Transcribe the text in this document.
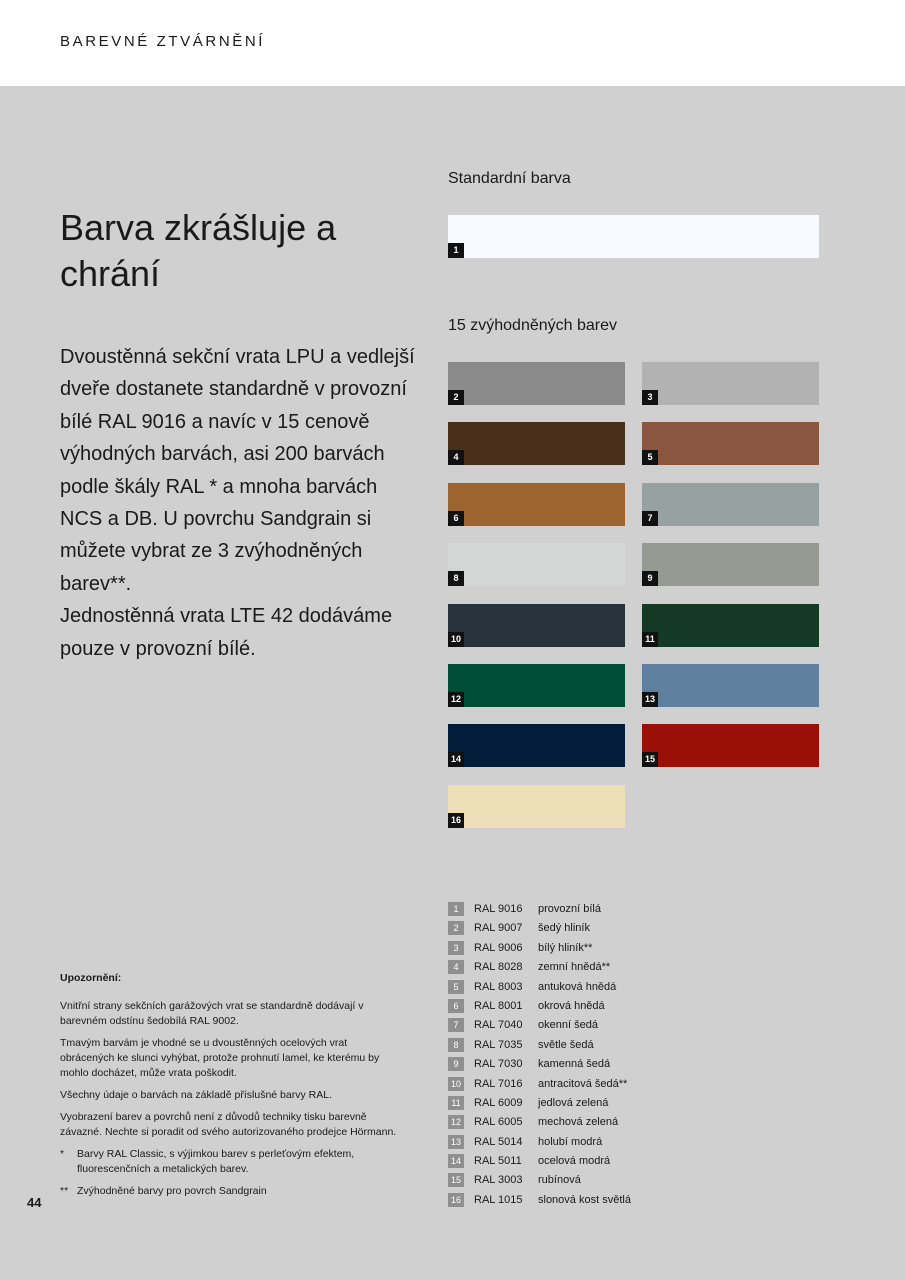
BAREVNÉ ZTVÁRNĚNÍ
Barva zkrášluje a chrání

Dvoustěnná sekční vrata LPU a vedlejší dveře dostanete standardně v provozní bílé RAL 9016 a navíc v 15 cenově výhodných barvách, asi 200 barvách podle škály RAL * a mnoha barvách NCS a DB. U povrchu Sandgrain si můžete vybrat ze 3 zvýhodněných barev**.

Jednostěnná vrata LTE 42 dodáváme pouze v provozní bílé.

Standardní barva
1
15 zvýhodněných barev
2	3
4	5
6	7
8	9
10	11
12	13
14	15
16
1	RAL 9016 provozní bílá
2	RAL 9007 šedý hliník
3	RAL 9006 bílý hliník**
4	RAL 8028 zemní hnědá**
5	RAL 8003 antuková hnědá
6	RAL 8001 okrová hnědá
7	RAL 7040 okenní šedá
8	RAL 7035 světle šedá
9	RAL 7030 kamenná šedá
10 RAL 7016 antracitová šedá**
11	RAL 6009 jedlová zelená
12 RAL 6005 mechová zelená
13 RAL 5014 holubí modrá
14 RAL 5011 ocelová modrá
15 RAL 3003 rubínová
16 RAL 1015 slonová kost světlá

Upozornění:

Vnitřní strany sekčních garážových vrat se standardně dodávají v barevném odstínu šedobílá RAL 9002.

Tmavým barvám je vhodné se u dvoustěnných ocelových vrat obrácených ke slunci vyhýbat, protože prohnutí lamel, ke kterému by mohlo docházet, může vrata poškodit.

Všechny údaje o barvách na základě příslušné barvy RAL.

Vyobrazení barev a povrchů není z důvodů techniky tisku barevně závazné. Nechte si poradit od svého autorizovaného prodejce Hörmann.

* Barvy RAL Classic, s výjimkou barev s perleťovým efektem, fluorescenčních a metalických barev.

** Zvýhodněné barvy pro povrch Sandgrain

44
